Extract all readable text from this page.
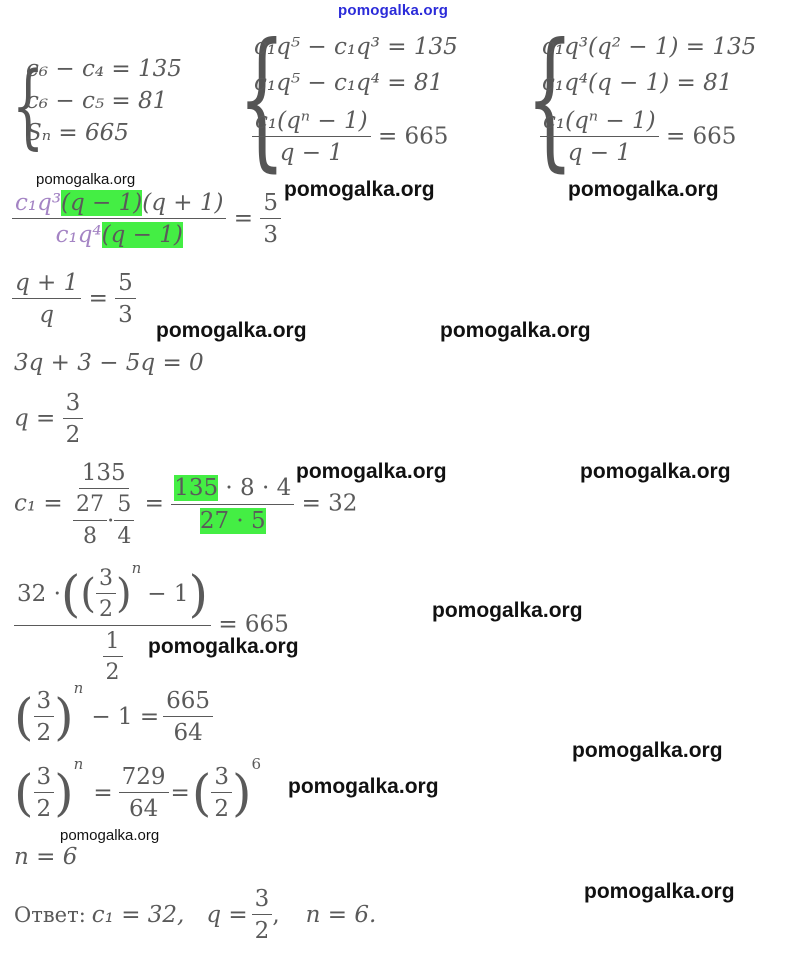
pomogalka.org
{
c₆ − c₄ = 135
c₆ − c₅ = 81
Sₙ = 665 {
c₁q⁵ − c₁q³ = 135
c₁q⁵ − c₁q⁴ = 81
$\frac{\text{c₁(qⁿ − 1)}}{q - 1} = 665$ {
c₁q³(q² − 1) = 135
c₁q⁴(q − 1) = 81
$\frac{\text{c₁(qⁿ − 1)}}{q - 1} = 665$
pomogalka.org	pomogalka.org	pomogalka.org
$\frac{\text{c₁q³(q − 1)(q + 1)}}{\text{c₁q⁴(q − 1)}} = \frac{5}{3}$
$\frac{q + 1}{q} = \frac{5}{3}$
pomogalka.org	pomogalka.org
3q + 3 − 5q = 0
$q = \frac{3}{2}$
$c_1 = \frac{135}{\frac{27}{8} \cdot \frac{5}{4}} = \frac{135 \cdot 8 \cdot 4}{27 \cdot 5} = 32$
pomogalka.org	pomogalka.org
32 · ( ( $\frac{3}{2}$ )
n
− 1 )
$\frac{1}{2}$
= 665
pomogalka.org
pomogalka.org
( $\frac{3}{2}$ )
n
− $1 = \frac{665}{64}$
pomogalka.org
( $\frac{3}{2}$ )
n
= $\frac{729}{64}$ = ( $\frac{3}{2}$ )
6
pomogalka.org
pomogalka.org
n = 6
pomogalka.org
Ответ: c₁ = 32, $q = \frac{3}{2}$ , n = 6.
